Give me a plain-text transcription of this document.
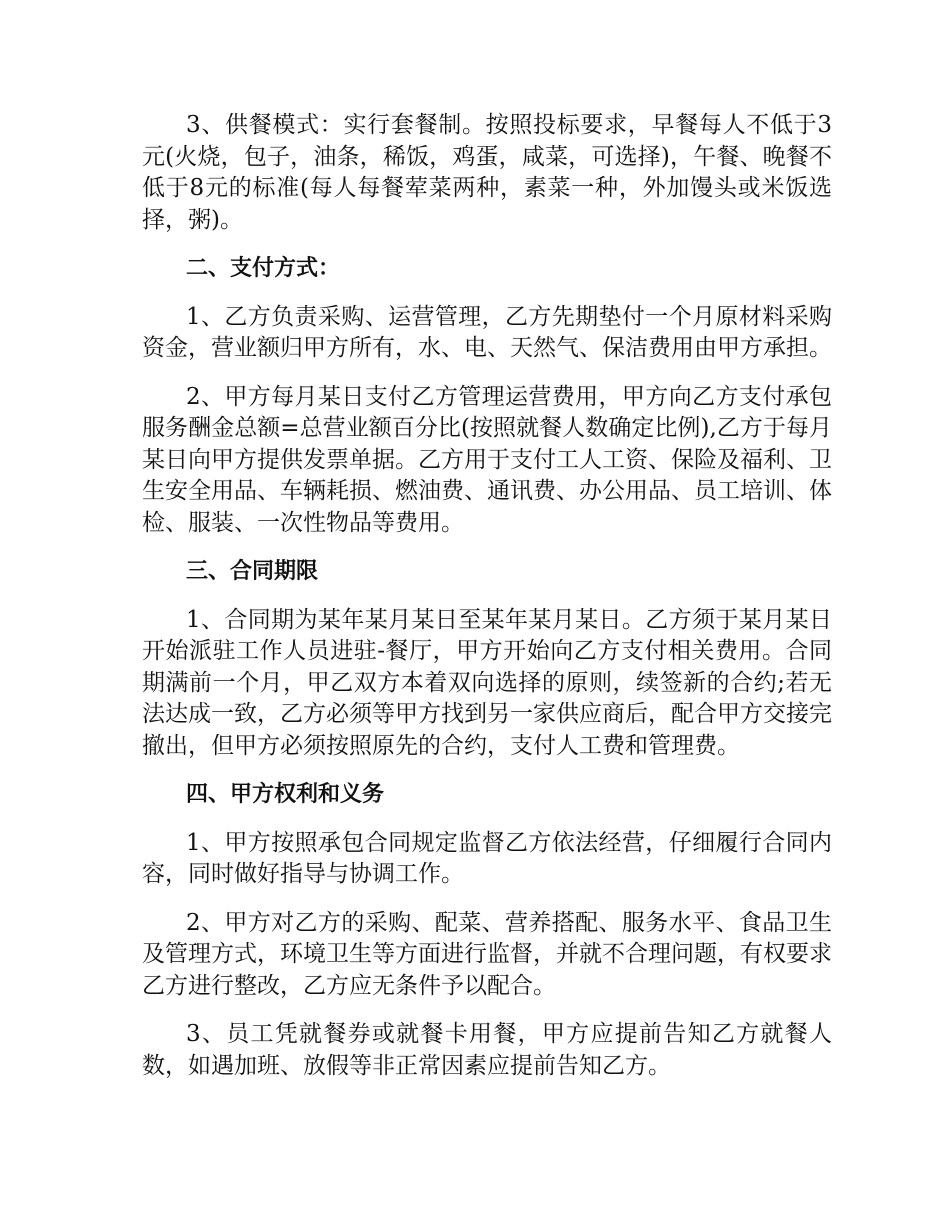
3、供餐模式：实行套餐制。按照投标要求，早餐每人不低于3元(火烧，包子，油条，稀饭，鸡蛋，咸菜，可选择)，午餐、晚餐不低于8元的标准(每人每餐荤菜两种，素菜一种，外加馒头或米饭选择，粥)。

二、支付方式：

1、乙方负责采购、运营管理，乙方先期垫付一个月原材料采购资金，营业额归甲方所有，水、电、天然气、保洁费用由甲方承担。

2、甲方每月某日支付乙方管理运营费用，甲方向乙方支付承包服务酬金总额=总营业额百分比(按照就餐人数确定比例),乙方于每月某日向甲方提供发票单据。乙方用于支付工人工资、保险及福利、卫生安全用品、车辆耗损、燃油费、通讯费、办公用品、员工培训、体检、服装、一次性物品等费用。

三、合同期限

1、合同期为某年某月某日至某年某月某日。乙方须于某月某日开始派驻工作人员进驻-餐厅，甲方开始向乙方支付相关费用。合同期满前一个月，甲乙双方本着双向选择的原则，续签新的合约;若无法达成一致，乙方必须等甲方找到另一家供应商后，配合甲方交接完撤出，但甲方必须按照原先的合约，支付人工费和管理费。

四、甲方权利和义务

1、甲方按照承包合同规定监督乙方依法经营，仔细履行合同内容，同时做好指导与协调工作。

2、甲方对乙方的采购、配菜、营养搭配、服务水平、食品卫生及管理方式，环境卫生等方面进行监督，并就不合理问题，有权要求乙方进行整改，乙方应无条件予以配合。

3、员工凭就餐券或就餐卡用餐，甲方应提前告知乙方就餐人数，如遇加班、放假等非正常因素应提前告知乙方。
